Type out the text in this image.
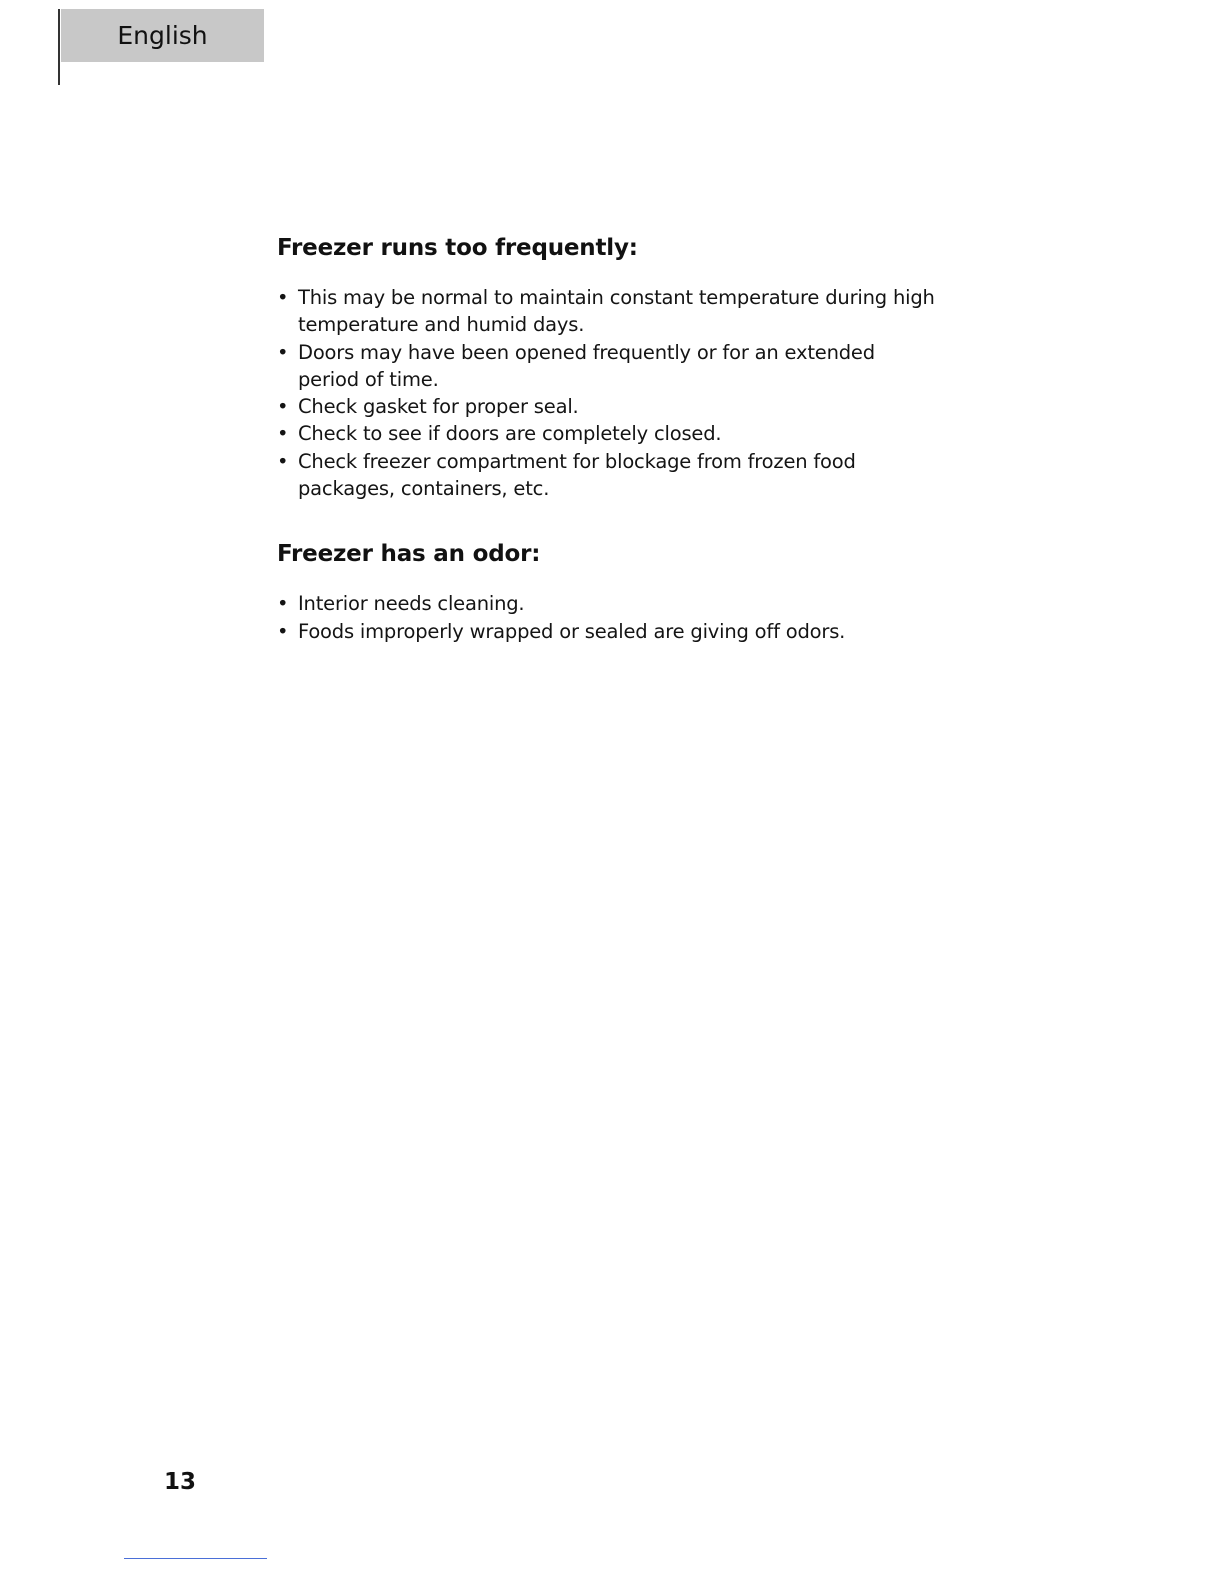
English
Freezer runs too frequently:
• This may be normal to maintain constant temperature during high temperature and humid days.
• Doors may have been opened frequently or for an extended period of time.
• Check gasket for proper seal.
• Check to see if doors are completely closed.
• Check freezer compartment for blockage from frozen food packages, containers, etc.
Freezer has an odor:
• Interior needs cleaning.
• Foods improperly wrapped or sealed are giving off odors.
13
